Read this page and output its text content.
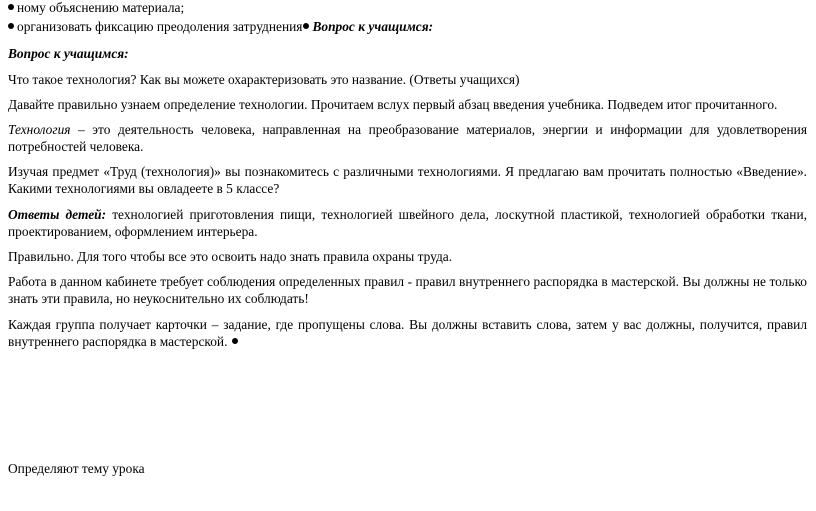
ному объяснению материала;
организовать фиксацию преодоления затруднения Вопрос к учащимся:
Вопрос к учащимся:
Что такое технология? Как вы можете охарактеризовать это название. (Ответы учащихся)
Давайте правильно узнаем определение технологии. Прочитаем вслух первый абзац введения учебника. Подведем итог прочитанного.
Технология – это деятельность человека, направленная на преобразование материалов, энергии и информации для удовлетворения потребностей человека.
Изучая предмет «Труд (технология)» вы познакомитесь с различными технологиями. Я предлагаю вам прочитать полностью «Введение». Какими технологиями вы овладеете в 5 классе?
Ответы детей: технологией приготовления пищи, технологией швейного дела, лоскутной пластикой, технологией обработки ткани, проектированием, оформлением интерьера.
Правильно. Для того чтобы все это освоить надо знать правила охраны труда.
Работа в данном кабинете требует соблюдения определенных правил - правил внутреннего распорядка в мастерской. Вы должны не только знать эти правила, но неукоснительно их соблюдать!
Каждая группа получает карточки – задание, где пропущены слова. Вы должны вставить слова, затем у вас должны, получится, правил внутреннего распорядка в мастерской.
Определяют тему урока
